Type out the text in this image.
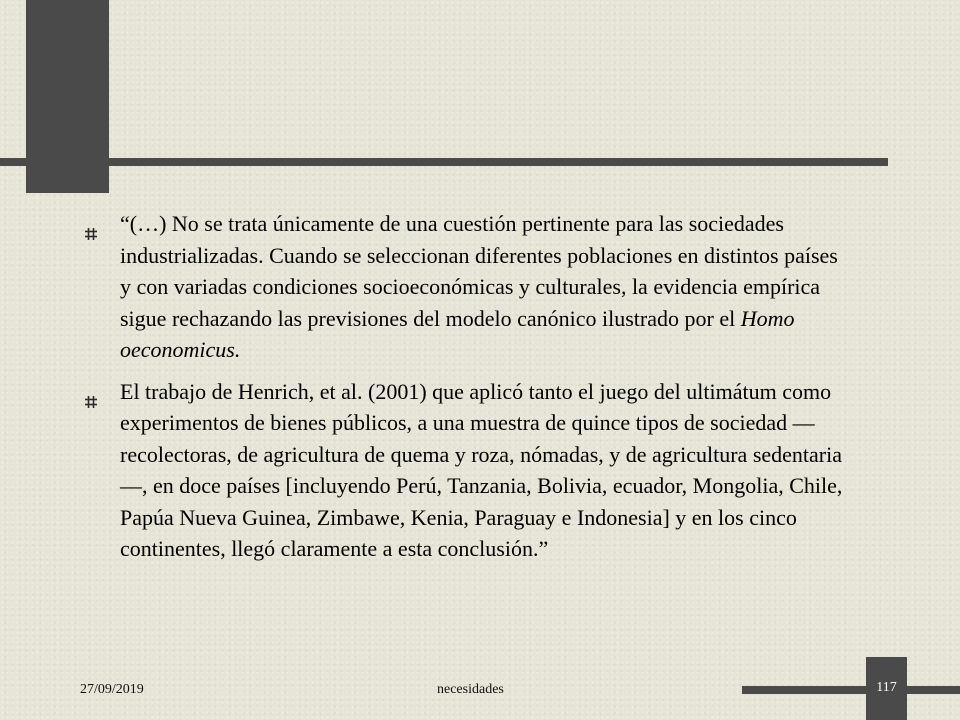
“(…) No se trata únicamente de una cuestión pertinente para las sociedades industrializadas. Cuando se seleccionan diferentes poblaciones en distintos países y con variadas condiciones socioeconómicas y culturales, la evidencia empírica sigue rechazando las previsiones del modelo canónico ilustrado por el Homo oeconomicus.

El trabajo de Henrich, et al. (2001) que aplicó tanto el juego del ultimátum como experimentos de bienes públicos, a una muestra de quince tipos de sociedad —recolectoras, de agricultura de quema y roza, nómadas, y de agricultura sedentaria—, en doce países [incluyendo Perú, Tanzania, Bolivia, ecuador, Mongolia, Chile, Papúa Nueva Guinea, Zimbawe, Kenia, Paraguay e Indonesia] y en los cinco continentes, llegó claramente a esta conclusión.”

27/09/2019	necesidades	117
